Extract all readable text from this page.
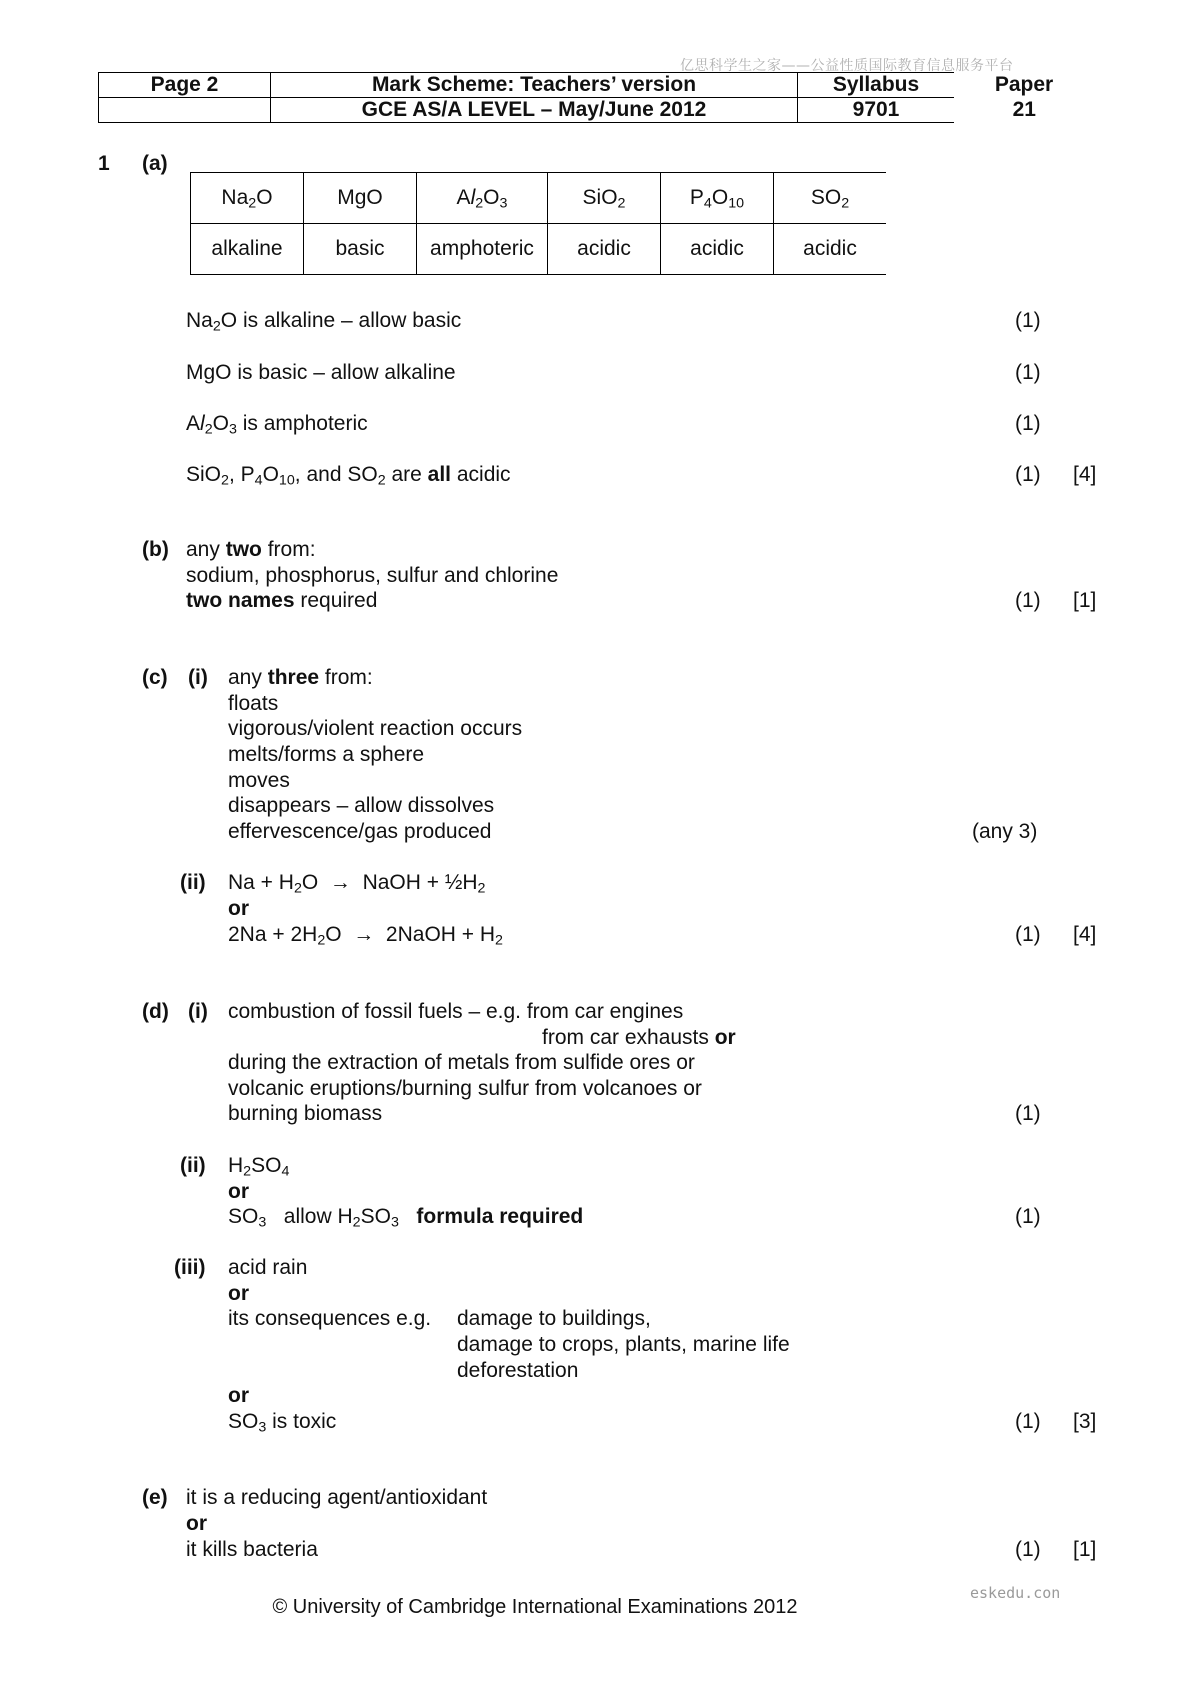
亿思科学生之家——公益性质国际教育信息服务平台
Page 2	Mark Scheme: Teachers’ version	Syllabus	Paper
	GCE AS/A LEVEL – May/June 2012	9701	21
1 (a)
$Na_2O$	MgO	$Al_2O_3$	SiO$_2$	$P_4O_{10}$	$SO_2$
alkaline	basic	amphoteric	acidic	acidic	acidic
$Na_2O$ is alkaline – allow basic	(1)
MgO is basic – allow alkaline	(1)
$Al_2O_3$ is amphoteric	(1)
SiO$_2$, $P_4O_{10}$, and $SO_2$ are all acidic	(1) [4]
(b) any two from:
sodium, phosphorus, sulfur and chlorine
two names required	(1) [1]
(c) (i) any three from:
floats
vigorous/violent reaction occurs
melts/forms a sphere
moves
disappears – allow dissolves
effervescence/gas produced	(any 3)
(ii) $Na + H_2O$  →  NaOH + $\frac{1}{2}H_2$
or
$2Na + 2H_2O$  →  2NaOH + $H_2$	(1) [4]
(d) (i) combustion of fossil fuels – e.g. from car engines
from car exhausts or
during the extraction of metals from sulfide ores or
volcanic eruptions/burning sulfur from volcanoes or
burning biomass	(1)
(ii) $H_2SO_4$
or
$SO_3$ allow $H_2SO_3$ formula required	(1)
(iii) acid rain
or
its consequences e.g. damage to buildings,
damage to crops, plants, marine life
deforestation
or
$SO_3$ is toxic	(1) [3]
(e) it is a reducing agent/antioxidant
or
it kills bacteria	(1) [1]
eskedu.con
© University of Cambridge International Examinations 2012
